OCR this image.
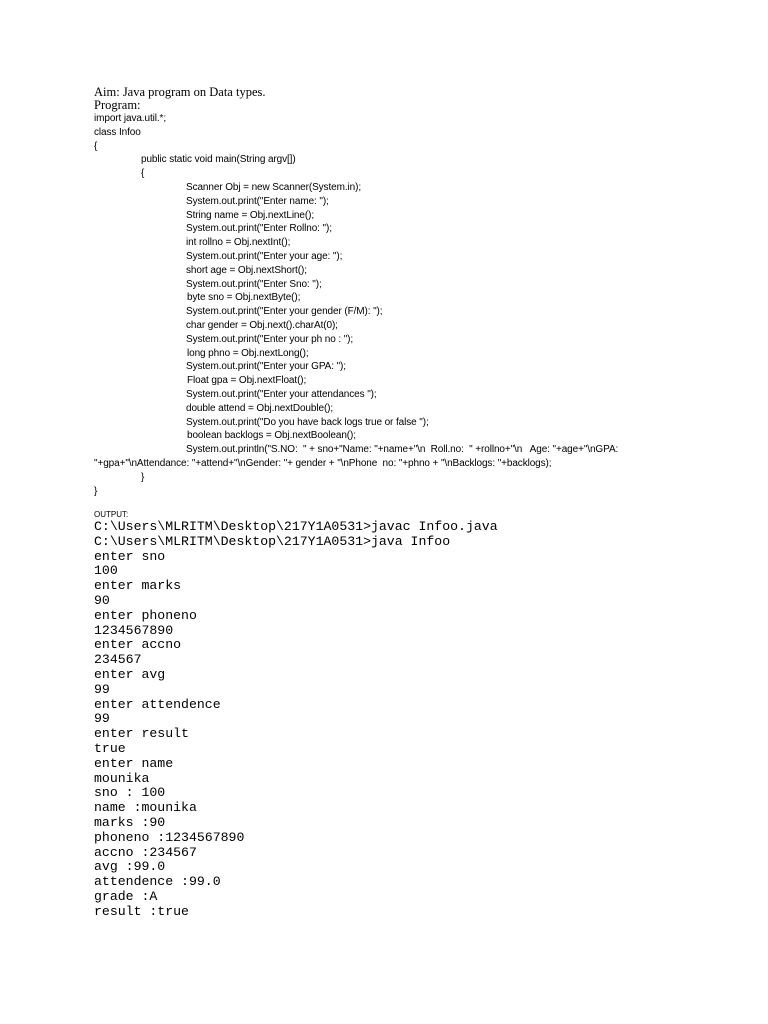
Aim: Java program on Data types.
Program:
import java.util.*;
class Infoo
{
public static void main(String argv[])
{
Scanner Obj = new Scanner(System.in);
System.out.print("Enter name: ");
String name = Obj.nextLine();
System.out.print("Enter Rollno: ");
int rollno = Obj.nextInt();
System.out.print("Enter your age: ");
short age = Obj.nextShort();
System.out.print("Enter Sno: ");
byte sno = Obj.nextByte();
System.out.print("Enter your gender (F/M): ");
char gender = Obj.next().charAt(0);
System.out.print("Enter your ph no : ");
long phno = Obj.nextLong();
System.out.print("Enter your GPA: ");
Float gpa = Obj.nextFloat();
System.out.print("Enter your attendances ");
double attend = Obj.nextDouble();
System.out.print("Do you have back logs true or false ");
boolean backlogs = Obj.nextBoolean();
System.out.println("S.NO:  " + sno+"Name: "+name+"\n  Roll.no:  " +rollno+"\n   Age: "+age+"\nGPA:
"+gpa+"\nAttendance: "+attend+"\nGender: "+ gender + "\nPhone  no: "+phno + "\nBacklogs: "+backlogs);
}
}
OUTPUT:
C:\Users\MLRITM\Desktop\217Y1A0531>javac Infoo.java
C:\Users\MLRITM\Desktop\217Y1A0531>java Infoo
enter sno
100
enter marks
90
enter phoneno
1234567890
enter accno
234567
enter avg
99
enter attendence
99
enter result
true
enter name
mounika
sno : 100
name :mounika
marks :90
phoneno :1234567890
accno :234567
avg :99.0
attendence :99.0
grade :A
result :true
